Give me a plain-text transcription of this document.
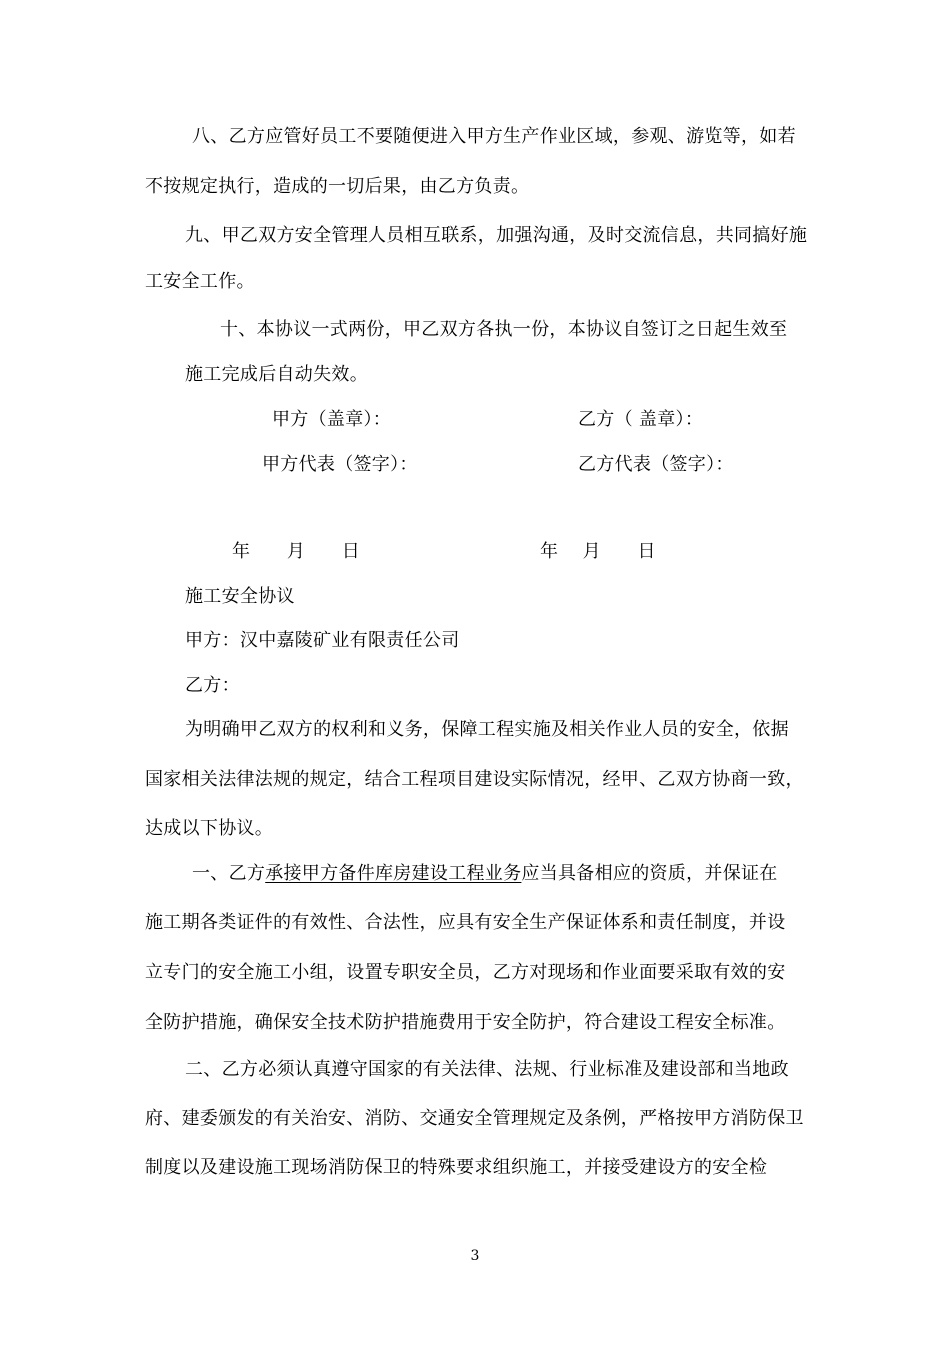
八、乙方应管好员工不要随便进入甲方生产作业区域，参观、游览等，如若
不按规定执行，造成的一切后果，由乙方负责。
九、甲乙双方安全管理人员相互联系，加强沟通，及时交流信息，共同搞好施
工安全工作。
十、本协议一式两份，甲乙双方各执一份，本协议自签订之日起生效至
施工完成后自动失效。
甲方（盖章）：	乙方（ 盖章）：
甲方代表（签字）：	乙方代表（签字）：
年　　月　　日	年　 月　　日
施工安全协议
甲方：汉中嘉陵矿业有限责任公司
乙方：
为明确甲乙双方的权利和义务，保障工程实施及相关作业人员的安全，依据
国家相关法律法规的规定，结合工程项目建设实际情况，经甲、乙双方协商一致，
达成以下协议。
一、乙方承接甲方备件库房建设工程业务应当具备相应的资质，并保证在
施工期各类证件的有效性、合法性，应具有安全生产保证体系和责任制度，并设
立专门的安全施工小组，设置专职安全员，乙方对现场和作业面要采取有效的安
全防护措施，确保安全技术防护措施费用于安全防护，符合建设工程安全标准。
二、乙方必须认真遵守国家的有关法律、法规、行业标准及建设部和当地政
府、建委颁发的有关治安、消防、交通安全管理规定及条例，严格按甲方消防保卫
制度以及建设施工现场消防保卫的特殊要求组织施工，并接受建设方的安全检
3
